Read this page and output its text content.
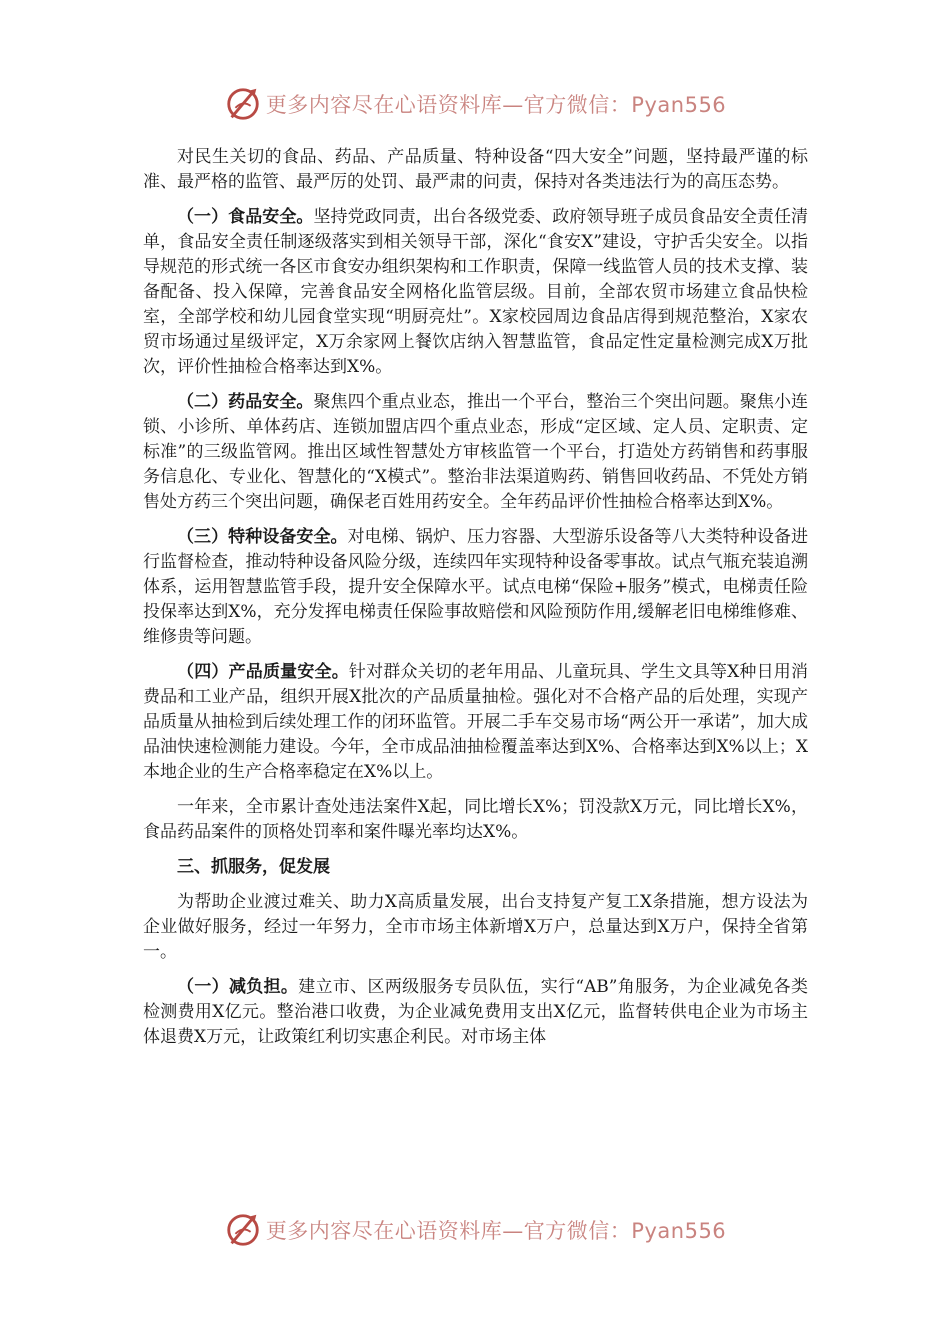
更多内容尽在心语资料库—官方微信：Pyan556

对民生关切的食品、药品、产品质量、特种设备“四大安全”问题，坚持最严谨的标准、最严格的监管、最严厉的处罚、最严肃的问责，保持对各类违法行为的高压态势。

（一）食品安全。坚持党政同责，出台各级党委、政府领导班子成员食品安全责任清单，食品安全责任制逐级落实到相关领导干部，深化“食安X”建设，守护舌尖安全。以指导规范的形式统一各区市食安办组织架构和工作职责，保障一线监管人员的技术支撑、装备配备、投入保障，完善食品安全网格化监管层级。目前，全部农贸市场建立食品快检室，全部学校和幼儿园食堂实现“明厨亮灶”。X家校园周边食品店得到规范整治，X家农贸市场通过星级评定，X万余家网上餐饮店纳入智慧监管，食品定性定量检测完成X万批次，评价性抽检合格率达到X%。

（二）药品安全。聚焦四个重点业态，推出一个平台，整治三个突出问题。聚焦小连锁、小诊所、单体药店、连锁加盟店四个重点业态，形成“定区域、定人员、定职责、定标准”的三级监管网。推出区域性智慧处方审核监管一个平台，打造处方药销售和药事服务信息化、专业化、智慧化的“X模式”。整治非法渠道购药、销售回收药品、不凭处方销售处方药三个突出问题，确保老百姓用药安全。全年药品评价性抽检合格率达到X%。

（三）特种设备安全。对电梯、锅炉、压力容器、大型游乐设备等八大类特种设备进行监督检查，推动特种设备风险分级，连续四年实现特种设备零事故。试点气瓶充装追溯体系，运用智慧监管手段，提升安全保障水平。试点电梯“保险+服务”模式，电梯责任险投保率达到X%，充分发挥电梯责任保险事故赔偿和风险预防作用,缓解老旧电梯维修难、维修贵等问题。

（四）产品质量安全。针对群众关切的老年用品、儿童玩具、学生文具等X种日用消费品和工业产品，组织开展X批次的产品质量抽检。强化对不合格产品的后处理，实现产品质量从抽检到后续处理工作的闭环监管。开展二手车交易市场“两公开一承诺”，加大成品油快速检测能力建设。今年，全市成品油抽检覆盖率达到X%、合格率达到X%以上；X本地企业的生产合格率稳定在X%以上。

一年来，全市累计查处违法案件X起，同比增长X%；罚没款X万元，同比增长X%，食品药品案件的顶格处罚率和案件曝光率均达X%。

三、抓服务，促发展

为帮助企业渡过难关、助力X高质量发展，出台支持复产复工X条措施，想方设法为企业做好服务，经过一年努力，全市市场主体新增X万户，总量达到X万户，保持全省第一。

（一）减负担。建立市、区两级服务专员队伍，实行“AB”角服务，为企业减免各类检测费用X亿元。整治港口收费，为企业减免费用支出X亿元，监督转供电企业为市场主体退费X万元，让政策红利切实惠企利民。对市场主体

更多内容尽在心语资料库—官方微信：Pyan556
